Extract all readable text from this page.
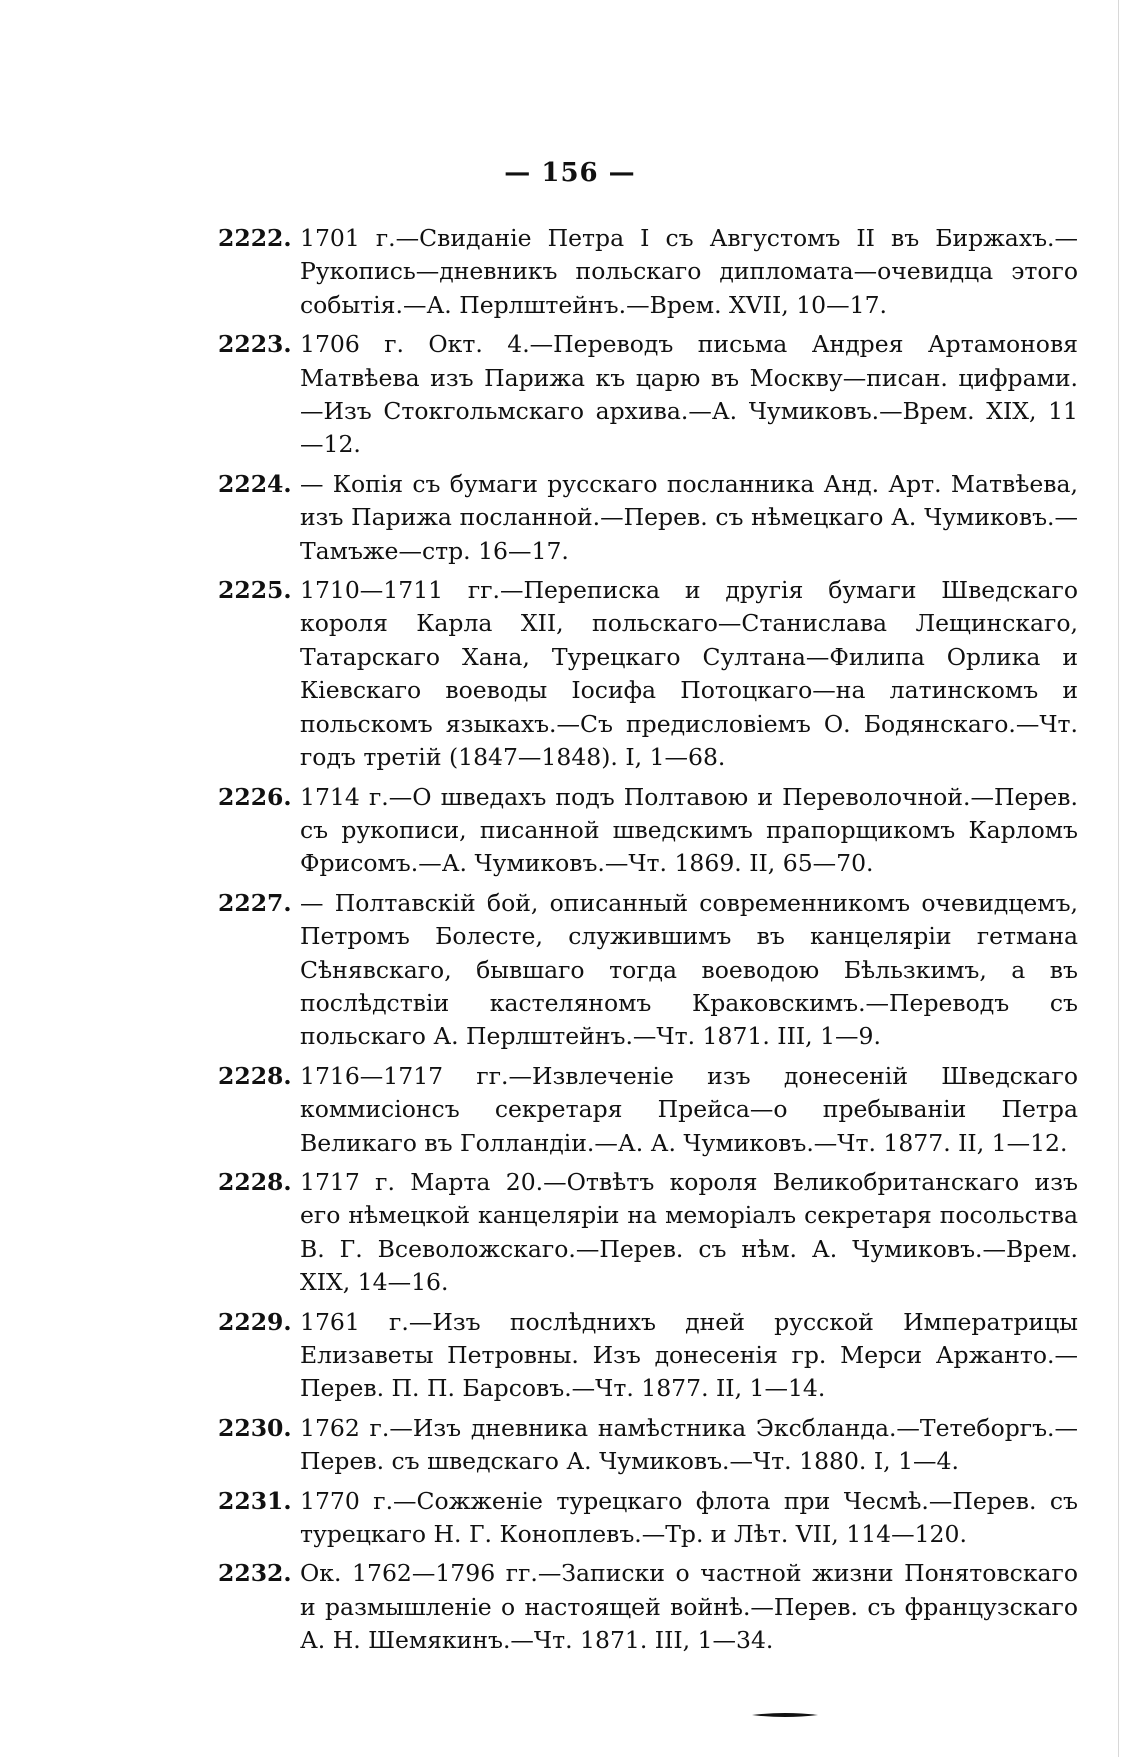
— 156 —
2222. 1701 г.—Свиданіе Петра I съ Августомъ II въ Биржахъ.—Рукопись—дневникъ польскаго дипломата—очевидца этого событія.—А. Перлштейнъ.—Врем. XVII, 10—17.
2223. 1706 г. Окт. 4.—Переводъ письма Андрея Артамоновя Матвѣева изъ Парижа къ царю въ Москву—писан. цифрами.—Изъ Стокгольмскаго архива.—А. Чумиковъ.—Врем. XIX, 11—12.
2224. — Копія съ бумаги русскаго посланника Анд. Арт. Матвѣева, изъ Парижа посланной.—Перев. съ нѣмецкаго А. Чумиковъ.— Тамъже—стр. 16—17.
2225. 1710—1711 гг.—Переписка и другія бумаги Шведскаго короля Карла XII, польскаго—Станислава Лещинскаго, Татарскаго Хана, Турецкаго Султана—Филипа Орлика и Кіевскаго воеводы Іосифа Потоцкаго—на латинскомъ и польскомъ языкахъ.—Съ предисловіемъ О. Бодянскаго.—Чт. годъ третій (1847—1848). I, 1—68.
2226. 1714 г.—О шведахъ подъ Полтавою и Переволочной.—Перев. съ рукописи, писанной шведскимъ прапорщикомъ Карломъ Фрисомъ.—А. Чумиковъ.—Чт. 1869. II, 65—70.
2227. — Полтавскій бой, описанный современникомъ очевидцемъ, Петромъ Болесте, служившимъ въ канцеляріи гетмана Сѣнявскаго, бывшаго тогда воеводою Бѣльзкимъ, а въ послѣдствіи кастеляномъ Краковскимъ.—Переводъ съ польскаго А. Перлштейнъ.—Чт. 1871. III, 1—9.
2228. 1716—1717 гг.—Извлеченіе изъ донесеній Шведскаго коммисіонсъ секретаря Прейса—о пребываніи Петра Великаго въ Голландіи.—А. А. Чумиковъ.—Чт. 1877. II, 1—12.
2228. 1717 г. Марта 20.—Отвѣтъ короля Великобританскаго изъ его нѣмецкой канцеляріи на меморіалъ секретаря посольства В. Г. Всеволожскаго.—Перев. съ нѣм. А. Чумиковъ.—Врем. XIX, 14—16.
2229. 1761 г.—Изъ послѣднихъ дней русской Императрицы Елизаветы Петровны. Изъ донесенія гр. Мерси Аржанто.—Перев. П. П. Барсовъ.—Чт. 1877. II, 1—14.
2230. 1762 г.—Изъ дневника намѣстника Эксбланда.—Тетеборгъ.—Перев. съ шведскаго А. Чумиковъ.—Чт. 1880. I, 1—4.
2231. 1770 г.—Сожженіе турецкаго флота при Чесмѣ.—Перев. съ турецкаго Н. Г. Коноплевъ.—Тр. и Лѣт. VII, 114—120.
2232. Ок. 1762—1796 гг.—Записки о частной жизни Понятовскаго и размышленіе о настоящей войнѣ.—Перев. съ французскаго А. Н. Шемякинъ.—Чт. 1871. III, 1—34.
